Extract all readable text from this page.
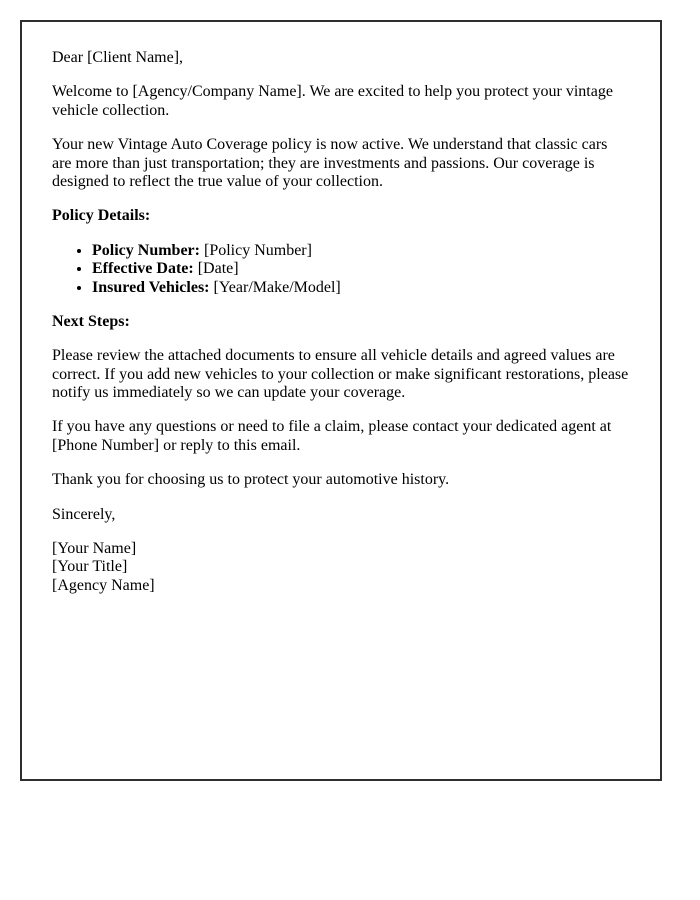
Dear [Client Name],

Welcome to [Agency/Company Name]. We are excited to help you protect your vintage vehicle collection.

Your new Vintage Auto Coverage policy is now active. We understand that classic cars are more than just transportation; they are investments and passions. Our coverage is designed to reflect the true value of your collection.

Policy Details:

• Policy Number: [Policy Number]
• Effective Date: [Date]
• Insured Vehicles: [Year/Make/Model]

Next Steps:

Please review the attached documents to ensure all vehicle details and agreed values are correct. If you add new vehicles to your collection or make significant restorations, please notify us immediately so we can update your coverage.

If you have any questions or need to file a claim, please contact your dedicated agent at [Phone Number] or reply to this email.

Thank you for choosing us to protect your automotive history.

Sincerely,

[Your Name]
[Your Title]
[Agency Name]
